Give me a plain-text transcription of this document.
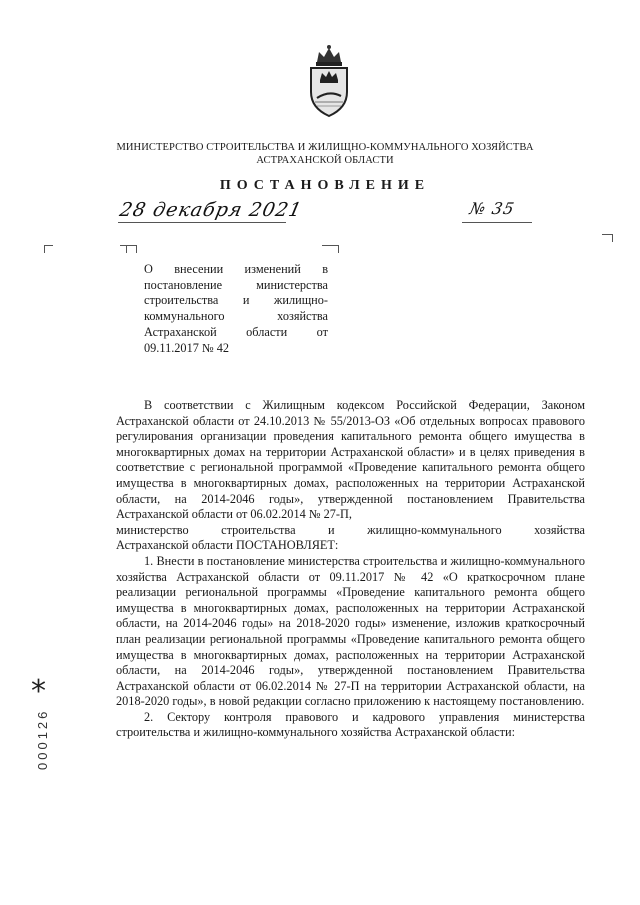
МИНИСТЕРСТВО СТРОИТЕЛЬСТВА И ЖИЛИЩНО-КОММУНАЛЬНОГО ХОЗЯЙСТВА
АСТРАХАНСКОЙ ОБЛАСТИ
ПОСТАНОВЛЕНИЕ
28 декабря 2021	№ 35
О внесении изменений в
постановление министерства
строительства и жилищно-
коммунального хозяйства
Астраханской области от
09.11.2017 № 42

В соответствии с Жилищным кодексом Российской Федерации, Законом Астраханской области от 24.10.2013 № 55/2013-ОЗ «Об отдельных вопросах правового регулирования организации проведения капитального ремонта общего имущества в многоквартирных домах на территории Астраханской области» и в целях приведения в соответствие с региональной программой «Проведение капитального ремонта общего имущества в многоквартирных домах, расположенных на территории Астраханской области, на 2014-2046 годы», утвержденной постановлением Правительства Астраханской области от 06.02.2014 № 27-П,

министерство строительства и жилищно-коммунального хозяйства

Астраханской области ПОСТАНОВЛЯЕТ:

1. Внести в постановление министерства строительства и жилищно-коммунального хозяйства Астраханской области от 09.11.2017 № 42 «О краткосрочном плане реализации региональной программы «Проведение капитального ремонта общего имущества в многоквартирных домах, расположенных на территории Астраханской области, на 2014-2046 годы» на 2018-2020 годы» изменение, изложив краткосрочный план реализации региональной программы «Проведение капитального ремонта общего имущества в многоквартирных домах, расположенных на территории Астраханской области, на 2014-2046 годы», утвержденной постановлением Правительства Астраханской области от 06.02.2014 № 27-П на территории Астраханской области, на 2018-2020 годы», в новой редакции согласно приложению к настоящему постановлению.

2. Сектору контроля правового и кадрового управления министерства строительства и жилищно-коммунального хозяйства Астраханской области:

*
000126
